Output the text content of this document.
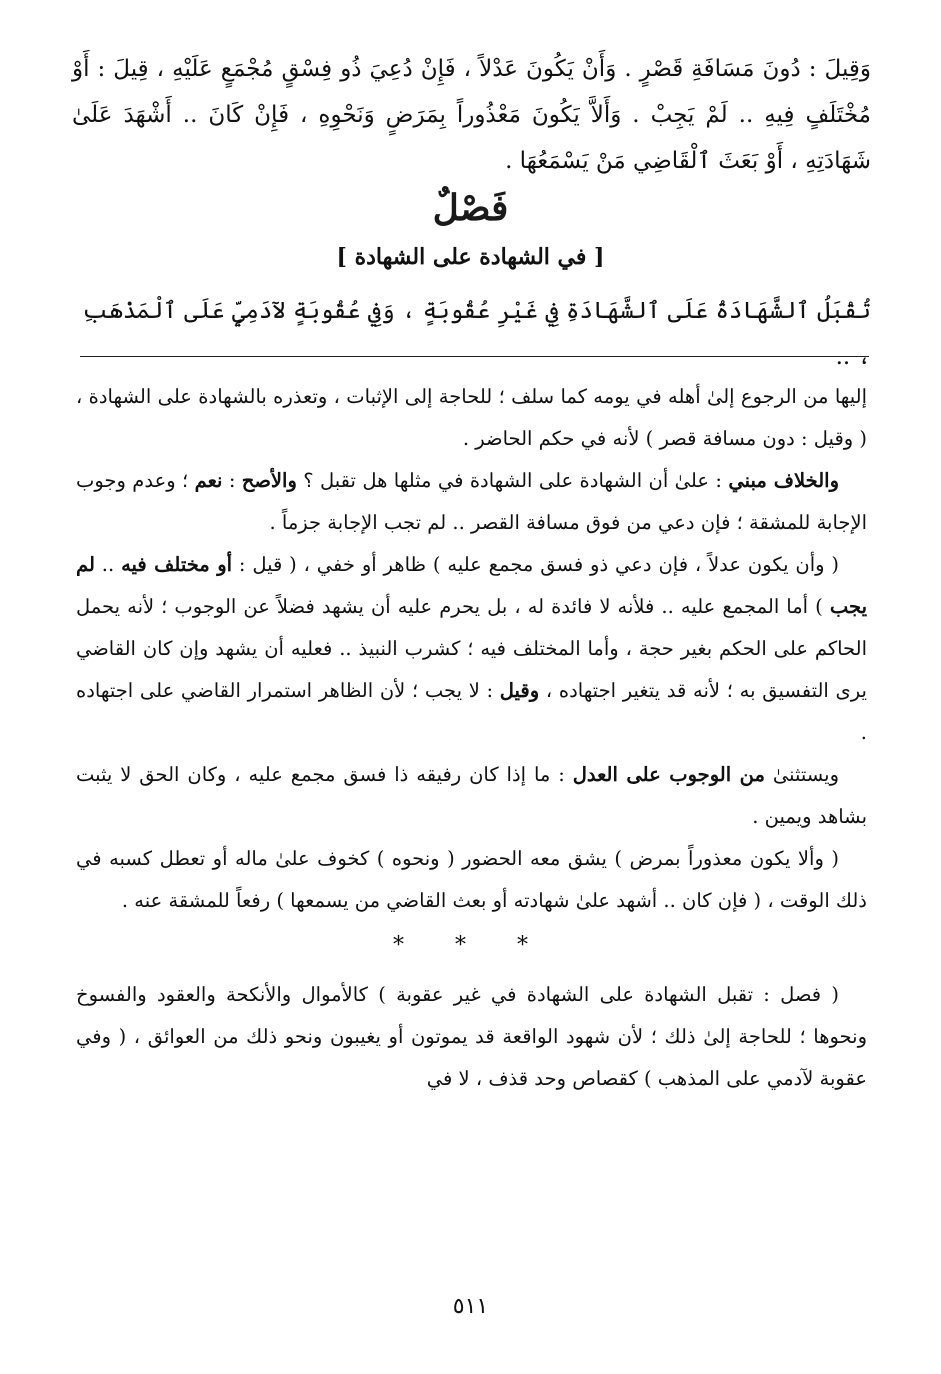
وَقِيلَ : دُونَ مَسَافَةِ قَصْرٍ . وَأَنْ يَكُونَ عَدْلاً ، فَإِنْ دُعِيَ ذُو فِسْقٍ مُجْمَعٍ عَلَيْهِ ، قِيلَ : أَوْ مُخْتَلَفٍ فِيهِ .. لَمْ يَجِبْ . وَأَلاَّ يَكُونَ مَعْذُوراً بِمَرَضٍ وَنَحْوِهِ ، فَإِنْ كَانَ .. أَشْهَدَ عَلَىٰ شَهَادَتِهِ ، أَوْ بَعَثَ ٱلْقَاضِي مَنْ يَسْمَعُهَا .
فَصْلٌ
[ في الشهادة على الشهادة ]
تُقْبَلُ ٱلشَّهَادَةُ عَلَى ٱلشَّهَادَةِ فِي غَيْرِ عُقُوبَةٍ ، وَفِي عُقُوبَةٍ لآدَمِيٍّ عَلَى ٱلْمَذْهَبِ ، ..

إليها من الرجوع إلىٰ أهله في يومه كما سلف ؛ للحاجة إلى الإثبات ، وتعذره بالشهادة على الشهادة ، ( وقيل : دون مسافة قصر ) لأنه في حكم الحاضر .

والخلاف مبني : علىٰ أن الشهادة على الشهادة في مثلها هل تقبل ؟ والأصح : نعم ؛ وعدم وجوب الإجابة للمشقة ؛ فإن دعي من فوق مسافة القصر .. لم تجب الإجابة جزماً .

( وأن يكون عدلاً ، فإن دعي ذو فسق مجمع عليه ) ظاهر أو خفي ، ( قيل : أو مختلف فيه .. لم يجب ) أما المجمع عليه .. فلأنه لا فائدة له ، بل يحرم عليه أن يشهد فضلاً عن الوجوب ؛ لأنه يحمل الحاكم على الحكم بغير حجة ، وأما المختلف فيه ؛ كشرب النبيذ .. فعليه أن يشهد وإن كان القاضي يرى التفسيق به ؛ لأنه قد يتغير اجتهاده ، وقيل : لا يجب ؛ لأن الظاهر استمرار القاضي على اجتهاده .

ويستثنىٰ من الوجوب على العدل : ما إذا كان رفيقه ذا فسق مجمع عليه ، وكان الحق لا يثبت بشاهد ويمين .

( وألا يكون معذوراً بمرض ) يشق معه الحضور ( ونحوه ) كخوف علىٰ ماله أو تعطل كسبه في ذلك الوقت ، ( فإن كان .. أشهد علىٰ شهادته أو بعث القاضي من يسمعها ) رفعاً للمشقة عنه .

* * *

( فصل : تقبل الشهادة على الشهادة في غير عقوبة ) كالأموال والأنكحة والعقود والفسوخ ونحوها ؛ للحاجة إلىٰ ذلك ؛ لأن شهود الواقعة قد يموتون أو يغيبون ونحو ذلك من العوائق ، ( وفي عقوبة لآدمي على المذهب ) كقصاص وحد قذف ، لا في

٥١١
